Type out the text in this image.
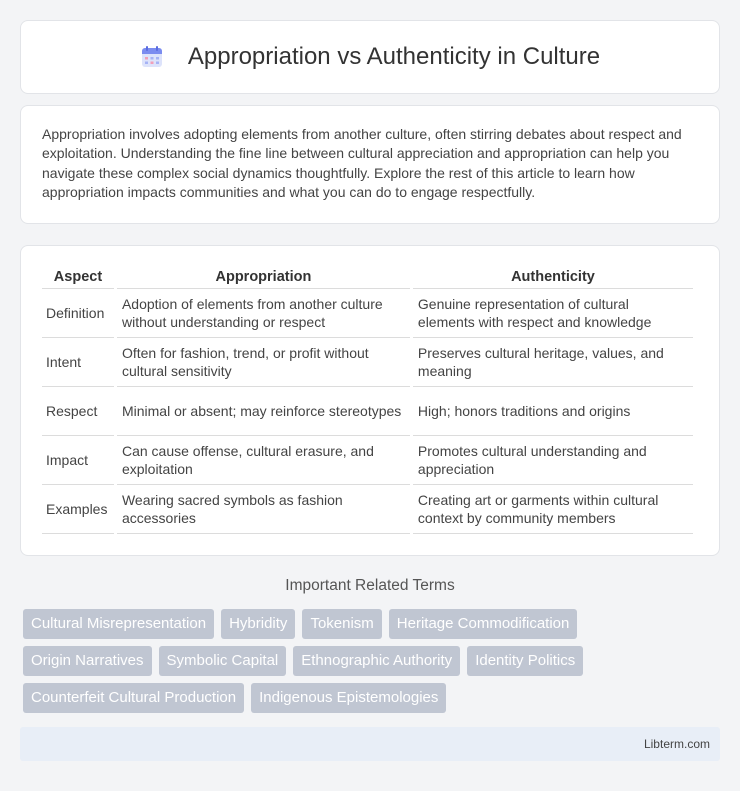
Appropriation vs Authenticity in Culture

Appropriation involves adopting elements from another culture, often stirring debates about respect and exploitation. Understanding the fine line between cultural appreciation and appropriation can help you navigate these complex social dynamics thoughtfully. Explore the rest of this article to learn how appropriation impacts communities and what you can do to engage respectfully.

Aspect	Appropriation	Authenticity
Definition	Adoption of elements from another culture without understanding or respect	Genuine representation of cultural elements with respect and knowledge
Intent	Often for fashion, trend, or profit without cultural sensitivity	Preserves cultural heritage, values, and meaning
Respect	Minimal or absent; may reinforce stereotypes	High; honors traditions and origins
Impact	Can cause offense, cultural erasure, and exploitation	Promotes cultural understanding and appreciation
Examples	Wearing sacred symbols as fashion accessories	Creating art or garments within cultural context by community members
Important Related Terms
Cultural Misrepresentation	Hybridity	Tokenism	Heritage Commodification
Origin Narratives	Symbolic Capital	Ethnographic Authority	Identity Politics
Counterfeit Cultural Production	Indigenous Epistemologies
Libterm.com
